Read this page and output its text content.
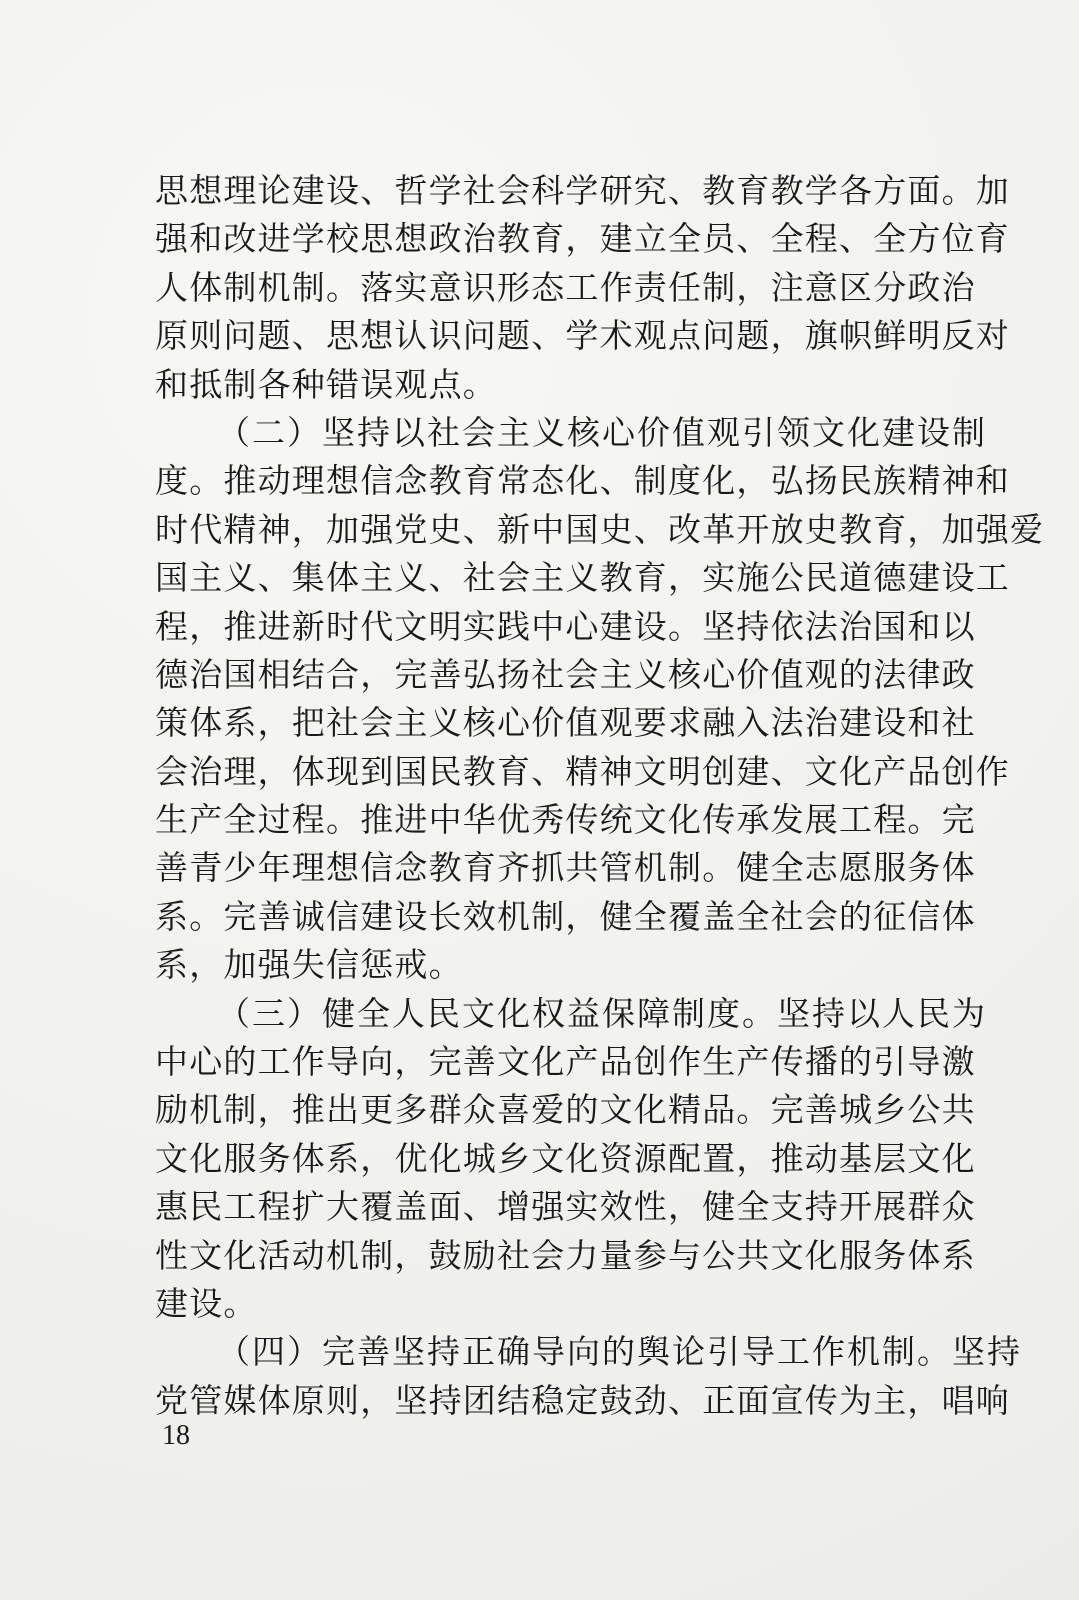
思想理论建设、哲学社会科学研究、教育教学各方面。加
强和改进学校思想政治教育，建立全员、全程、全方位育
人体制机制。落实意识形态工作责任制，注意区分政治
原则问题、思想认识问题、学术观点问题，旗帜鲜明反对
和抵制各种错误观点。
（二）坚持以社会主义核心价值观引领文化建设制
度。推动理想信念教育常态化、制度化，弘扬民族精神和
时代精神，加强党史、新中国史、改革开放史教育，加强爱
国主义、集体主义、社会主义教育，实施公民道德建设工
程，推进新时代文明实践中心建设。坚持依法治国和以
德治国相结合，完善弘扬社会主义核心价值观的法律政
策体系，把社会主义核心价值观要求融入法治建设和社
会治理，体现到国民教育、精神文明创建、文化产品创作
生产全过程。推进中华优秀传统文化传承发展工程。完
善青少年理想信念教育齐抓共管机制。健全志愿服务体
系。完善诚信建设长效机制，健全覆盖全社会的征信体
系，加强失信惩戒。
（三）健全人民文化权益保障制度。坚持以人民为
中心的工作导向，完善文化产品创作生产传播的引导激
励机制，推出更多群众喜爱的文化精品。完善城乡公共
文化服务体系，优化城乡文化资源配置，推动基层文化
惠民工程扩大覆盖面、增强实效性，健全支持开展群众
性文化活动机制，鼓励社会力量参与公共文化服务体系
建设。
（四）完善坚持正确导向的舆论引导工作机制。坚持
党管媒体原则，坚持团结稳定鼓劲、正面宣传为主，唱响
18
